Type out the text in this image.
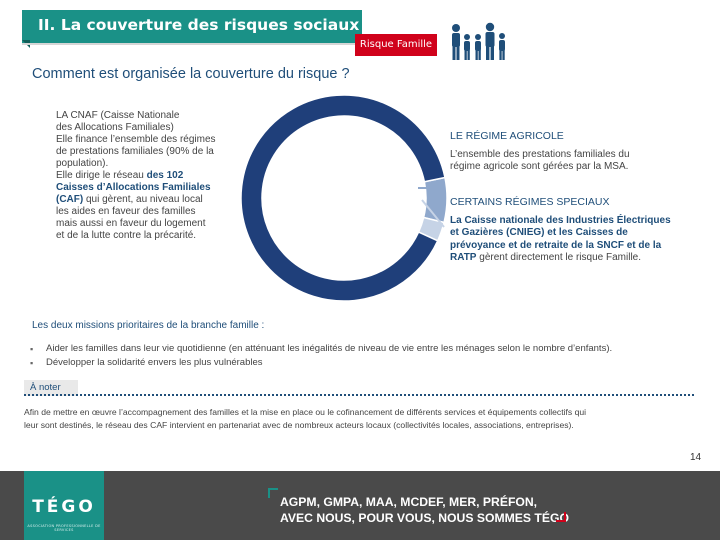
II. La couverture des risques sociaux
Risque Famille
Comment est organisée la couverture du risque ?

LA CNAF (Caisse Nationale

des Allocations Familiales)

Elle finance l’ensemble des régimes

de prestations familiales (90% de la

population).

Elle dirige le réseau des 102

Caisses d’Allocations Familiales

(CAF) qui gèrent, au niveau local

les aides en faveur des familles

mais aussi en faveur du logement

et de la lutte contre la précarité.

LE RÉGIME AGRICOLE
L’ensemble des prestations familiales du
régime agricole sont gérées par la MSA.
CERTAINS RÉGIMES SPECIAUX
La Caisse nationale des Industries Électriques
et Gazières (CNIEG) et les Caisses de
prévoyance et de retraite de la SNCF et de la
RATP gèrent directement le risque Famille.
Les deux missions prioritaires de la branche famille :
▪ Aider les familles dans leur vie quotidienne (en atténuant les inégalités de niveau de vie entre les ménages selon le nombre d’enfants).
▪ Développer la solidarité envers les plus vulnérables
À noter
Afin de mettre en œuvre l’accompagnement des familles et la mise en place ou le cofinancement de différents services et équipements collectifs qui
leur sont destinés, le réseau des CAF intervient en partenariat avec de nombreux acteurs locaux (collectivités locales, associations, entreprises).
14
TÉGO
ASSOCIATION PROFESSIONNELLE DE SERVICES
AGPM, GMPA, MAA, MCDEF, MER, PRÉFON,
AVEC NOUS, POUR VOUS, NOUS SOMMES TÉGO
